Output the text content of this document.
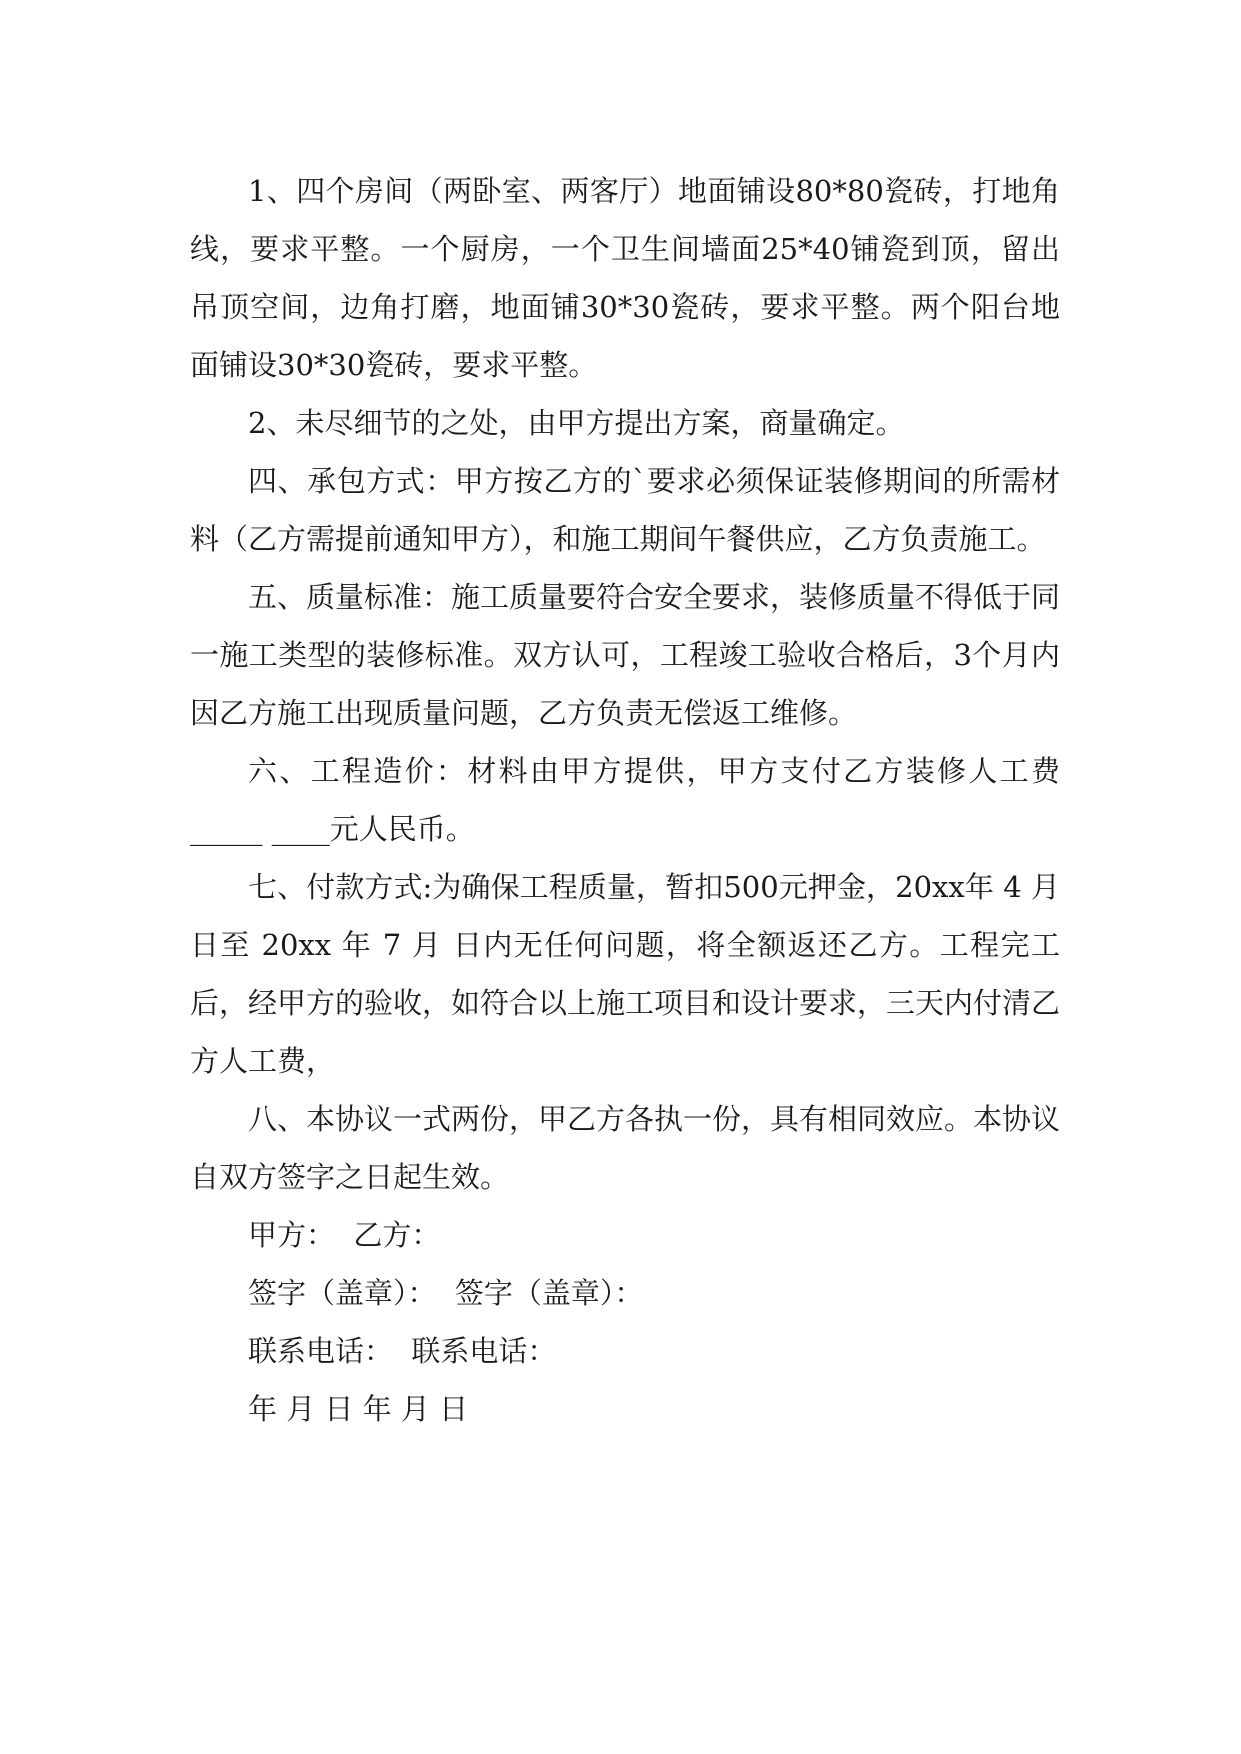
1、四个房间（两卧室、两客厅）地面铺设80*80瓷砖，打地角线，要求平整。一个厨房，一个卫生间墙面25*40铺瓷到顶，留出吊顶空间，边角打磨，地面铺30*30瓷砖，要求平整。两个阳台地面铺设30*30瓷砖，要求平整。

2、未尽细节的之处，由甲方提出方案，商量确定。

四、承包方式：甲方按乙方的`要求必须保证装修期间的所需材料（乙方需提前通知甲方），和施工期间午餐供应，乙方负责施工。

五、质量标准：施工质量要符合安全要求，装修质量不得低于同一施工类型的装修标准。双方认可，工程竣工验收合格后，3个月内因乙方施工出现质量问题，乙方负责无偿返工维修。

六、工程造价：材料由甲方提供，甲方支付乙方装修人工费_____ ____元人民币。

七、付款方式:为确保工程质量，暂扣500元押金，20xx年 4 月 日至 20xx 年 7 月 日内无任何问题，将全额返还乙方。工程完工后，经甲方的验收，如符合以上施工项目和设计要求，三天内付清乙方人工费，

八、本协议一式两份，甲乙方各执一份，具有相同效应。本协议自双方签字之日起生效。

甲方：  乙方：

签字（盖章）：  签字（盖章）：

联系电话：  联系电话：

年 月 日 年 月 日
